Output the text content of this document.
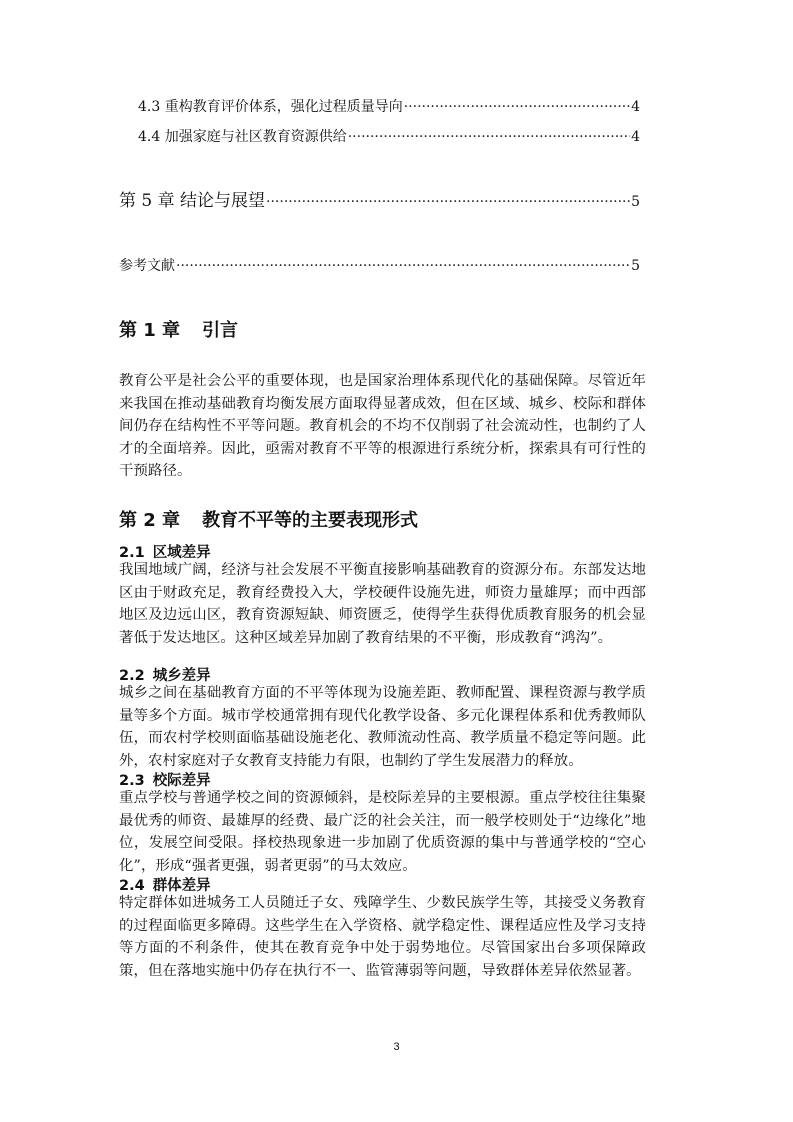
4.3 重构教育评价体系，强化过程质量导向 ·····	4
4.4 加强家庭与社区教育资源供给 ·····	4
第 5 章 结论与展望 ·····	5
参考文献 ·····	5
第 1 章 引言

教育公平是社会公平的重要体现，也是国家治理体系现代化的基础保障。尽管近年来我国在推动基础教育均衡发展方面取得显著成效，但在区域、城乡、校际和群体间仍存在结构性不平等问题。教育机会的不均不仅削弱了社会流动性，也制约了人才的全面培养。因此，亟需对教育不平等的根源进行系统分析，探索具有可行性的干预路径。

第 2 章 教育不平等的主要表现形式
2.1 区域差异

我国地域广阔，经济与社会发展不平衡直接影响基础教育的资源分布。东部发达地区由于财政充足，教育经费投入大，学校硬件设施先进，师资力量雄厚；而中西部地区及边远山区，教育资源短缺、师资匮乏，使得学生获得优质教育服务的机会显著低于发达地区。这种区域差异加剧了教育结果的不平衡，形成教育“鸿沟”。

2.2 城乡差异

城乡之间在基础教育方面的不平等体现为设施差距、教师配置、课程资源与教学质量等多个方面。城市学校通常拥有现代化教学设备、多元化课程体系和优秀教师队伍，而农村学校则面临基础设施老化、教师流动性高、教学质量不稳定等问题。此外，农村家庭对子女教育支持能力有限，也制约了学生发展潜力的释放。

2.3 校际差异

重点学校与普通学校之间的资源倾斜，是校际差异的主要根源。重点学校往往集聚最优秀的师资、最雄厚的经费、最广泛的社会关注，而一般学校则处于“边缘化”地位，发展空间受限。择校热现象进一步加剧了优质资源的集中与普通学校的“空心化”，形成“强者更强，弱者更弱”的马太效应。

2.4 群体差异

特定群体如进城务工人员随迁子女、残障学生、少数民族学生等，其接受义务教育的过程面临更多障碍。这些学生在入学资格、就学稳定性、课程适应性及学习支持等方面的不利条件，使其在教育竞争中处于弱势地位。尽管国家出台多项保障政策，但在落地实施中仍存在执行不一、监管薄弱等问题，导致群体差异依然显著。

3
